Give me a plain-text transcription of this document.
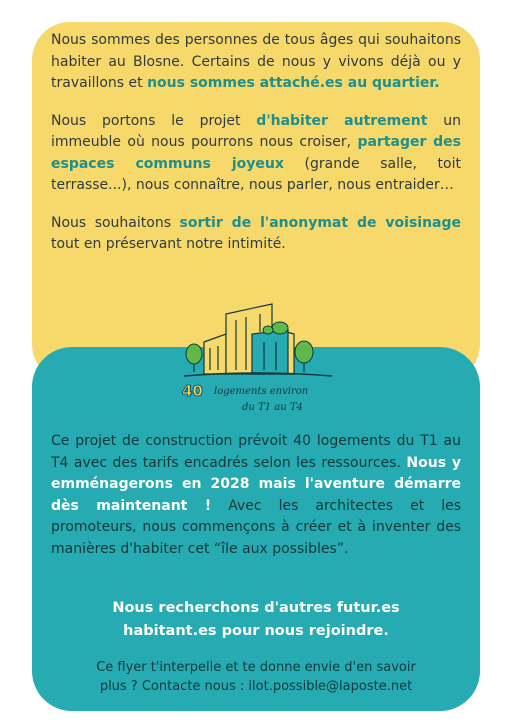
Nous sommes des personnes de tous âges qui souhaitons habiter au Blosne. Certains de nous y vivons déjà ou y travaillons et nous sommes attaché.es au quartier.

Nous portons le projet d'habiter autrement un immeuble où nous pourrons nous croiser, partager des espaces communs joyeux (grande salle, toit terrasse...), nous connaître, nous parler, nous entraider…

Nous souhaitons sortir de l'anonymat de voisinage tout en préservant notre intimité.

40 logements environ
du T1 au T4

Ce projet de construction prévoit 40 logements du T1 au T4 avec des tarifs encadrés selon les ressources. Nous y emménagerons en 2028 mais l'aventure démarre dès maintenant ! Avec les architectes et les promoteurs, nous commençons à créer et à inventer des manières d'habiter cet “île aux possibles”.

Nous recherchons d'autres futur.es
habitant.es pour nous rejoindre.
Ce flyer t'interpelle et te donne envie d'en savoir
plus ? Contacte nous : ilot.possible@laposte.net
